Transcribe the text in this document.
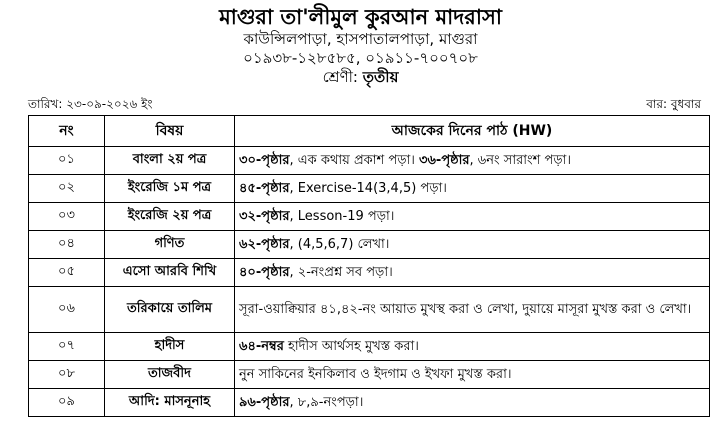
মাগুরা তা'লীমুল কুরআন মাদরাসা
কাউন্সিলপাড়া, হাসপাতালপাড়া, মাগুরা
০১৯৩৮-১২৮৫৮৫, ০১৯১১-৭০০৭০৮
শ্রেণী: তৃতীয়
তারিখ: ২৩-০৯-২০২৬ ইং	বার: বুধবার
নং	বিষয়	আজকের দিনের পাঠ (HW)
০১	বাংলা ২য় পত্র	৩০-পৃষ্ঠার, এক কথায় প্রকাশ পড়া। ৩৬-পৃষ্ঠার, ৬নং সারাংশ পড়া।
০২	ইংরেজি ১ম পত্র	৪৫-পৃষ্ঠার, Exercise-14(3,4,5) পড়া।
০৩	ইংরেজি ২য় পত্র	৩২-পৃষ্ঠার, Lesson-19 পড়া।
০৪	গণিত	৬২-পৃষ্ঠার, (4,5,6,7) লেখা।
০৫	এসো আরবি শিখি	৪০-পৃষ্ঠার, ২-নংপ্রশ্ন সব পড়া।
০৬	তরিকায়ে তালিম	সূরা-ওয়াক্বিয়ার ৪১,৪২-নং আয়াত মুখস্থ করা ও লেখা, দুয়ায়ে মাসূরা মুখস্ত করা ও লেখা।
০৭	হাদীস	৬৪-নম্বর হাদীস আর্থসহ মুখস্ত করা।
০৮	তাজবীদ	নুন সাকিনের ইনকিলাব ও ইদগাম ও ইখফা মুখস্ত করা।
০৯	আদি: মাসনূনাহ	৯৬-পৃষ্ঠার, ৮,৯-নংপড়া।
